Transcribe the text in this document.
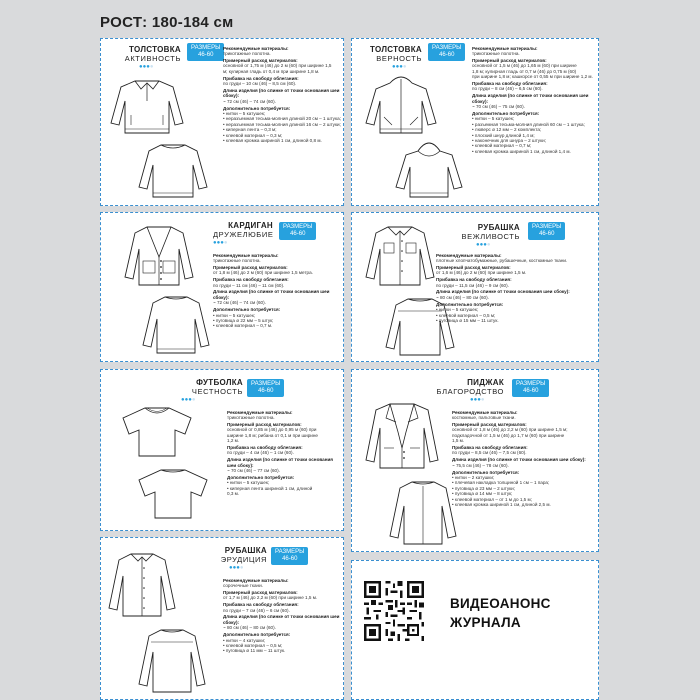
РОСТ: 180-184 см
ТОЛСТОВКА
АКТИВНОСТЬ
●●●●
РАЗМЕРЫ
46-60
Рекомендуемые материалы:
трикотажные полотна.
Примерный расход материалов:
основной от 1,75 м (46) до 2 м (60) при ширине 1,5
м; кулирная гладь от 0,4 м при ширине 1,8 м.
Прибавка на свободу облегания:
по груди – 10 см (46) – 8,5 см (60).
Длина изделия (по спинке от точки основания шеи сбоку):
~ 72 см (46) – 74 см (60).
Дополнительно потребуется:
• нитки – 5 катушек;
• неразъемная тесьма-молния длиной 20 см – 1 штука;
• неразъемная тесьма-молния длиной 16 см – 2 штуки;
• киперная лента – 0,3 м;
• клеевой материал – 0,3 м;
• клеевая кромка шириной 1 см, длиной 0,8 м.
ТОЛСТОВКА
ВЕРНОСТЬ
●●●●
РАЗМЕРЫ
46-60
Рекомендуемые материалы:
трикотажные полотна.
Примерный расход материалов:
основной от 1,5 м (46) до 1,65 м (60) при ширине
1,8 м; кулирная гладь от 0,7 м (46) до 0,75 м (60)
при ширине 1,8 м; кашкорсе от 0,55 м при ширине 1,2 м.
Прибавка на свободу облегания:
по груди – 8 см (46) – 6,5 см (60).
Длина изделия (по спинке от точки основания шеи сбоку):
~ 70 см (46) – 75 см (60).
Дополнительно потребуется:
• нитки – 5 катушек;
• разъемная тесьма-молния длиной 60 см – 1 штука;
• люверс ø 12 мм – 2 комплекта;
• плоский шнур длиной 1,4 м;
• наконечник для шнура – 2 штуки;
• клеевой материал – 0,7 м;
• клеевая кромка шириной 1 см, длиной 1,4 м.
КАРДИГАН
ДРУЖЕЛЮБИЕ
●●●●
РАЗМЕРЫ
46-60
Рекомендуемые материалы:
трикотажные полотна.
Примерный расход материалов:
от 1,8 м (46) до 2 м (60) при ширине 1,5 метра.
Прибавка на свободу облегания:
по груди – 11 см (46) – 11 см (60).
Длина изделия (по спинке от точки основания шеи сбоку):
~ 72 см (46) – 74 см (60).
Дополнительно потребуется:
• нитки – 5 катушек;
• пуговица ø 22 мм – 5 штук;
• клеевой материал – 0,7 м.
РУБАШКА
ВЕЖЛИВОСТЬ
●●●●
РАЗМЕРЫ
46-60
Рекомендуемые материалы:
плотные хлопчатобумажные, рубашечные, костюмные ткани.
Примерный расход материалов:
от 1,6 м (46) до 2 м (60) при ширине 1,5 м.
Прибавка на свободу облегания:
по груди – 11,5 см (46) – 9 см (60).
Длина изделия (по спинке от точки основания шеи сбоку):
~ 80 см (46) – 80 см (60).
Дополнительно потребуется:
• нитки – 5 катушек;
• клеевой материал – 0,5 м;
• пуговица ø 15 мм – 11 штук.
ФУТБОЛКА
ЧЕСТНОСТЬ
●●●●
РАЗМЕРЫ
46-60
Рекомендуемые материалы:
трикотажные полотна.
Примерный расход материалов:
основной от 0,85 м (46) до 0,95 м (60) при
ширине 1,8 м; рибана от 0,1 м при ширине
1,2 м.
Прибавка на свободу облегания:
по груди – 4 см (46) – 1 см (60).
Длина изделия (по спинке от точки основания шеи сбоку):
~ 70 см (46) – 77 см (60).
Дополнительно потребуется:
• нитки – 5 катушек;
• киперная лента шириной 1 см, длиной
0,3 м.
ПИДЖАК
БЛАГОРОДСТВО
●●●●
РАЗМЕРЫ
46-60
Рекомендуемые материалы:
костюмные, пальтовые ткани.
Примерный расход материалов:
основной от 1,8 м (46) до 2,2 м (60) при ширине 1,5 м;
подкладочной от 1,5 м (46) до 1,7 м (60) при ширине
1,5 м.
Прибавка на свободу облегания:
по груди – 8,5 см (46) – 7,5 см (60).
Длина изделия (по спинке от точки основания шеи сбоку):
~ 75,5 см (46) – 78 см (60).
Дополнительно потребуется:
• нитки – 2 катушки;
• плечевая накладка толщиной 1 см – 1 пара;
• пуговица ø 23 мм – 2 штуки;
• пуговица ø 14 мм – 8 штук;
• клеевой материал – от 1 м до 1,5 м;
• клеевая кромка шириной 1 см, длиной 2,5 м.
РУБАШКА
ЭРУДИЦИЯ
●●●●
РАЗМЕРЫ
46-60
Рекомендуемые материалы:
сорочечные ткани.
Примерный расход материалов:
от 1,7 м (46) до 2,2 м (60) при ширине 1,5 м.
Прибавка на свободу облегания:
по груди – 7 см (46) – 6 см (60).
Длина изделия (по спинке от точки основания шеи сбоку):
~ 80 см (46) – 80 см (60).
Дополнительно потребуется:
• нитки – 4 катушки;
• клеевой материал – 0,5 м;
• пуговица ø 11 мм – 11 штук.
ВИДЕОАНОНС
ЖУРНАЛА
